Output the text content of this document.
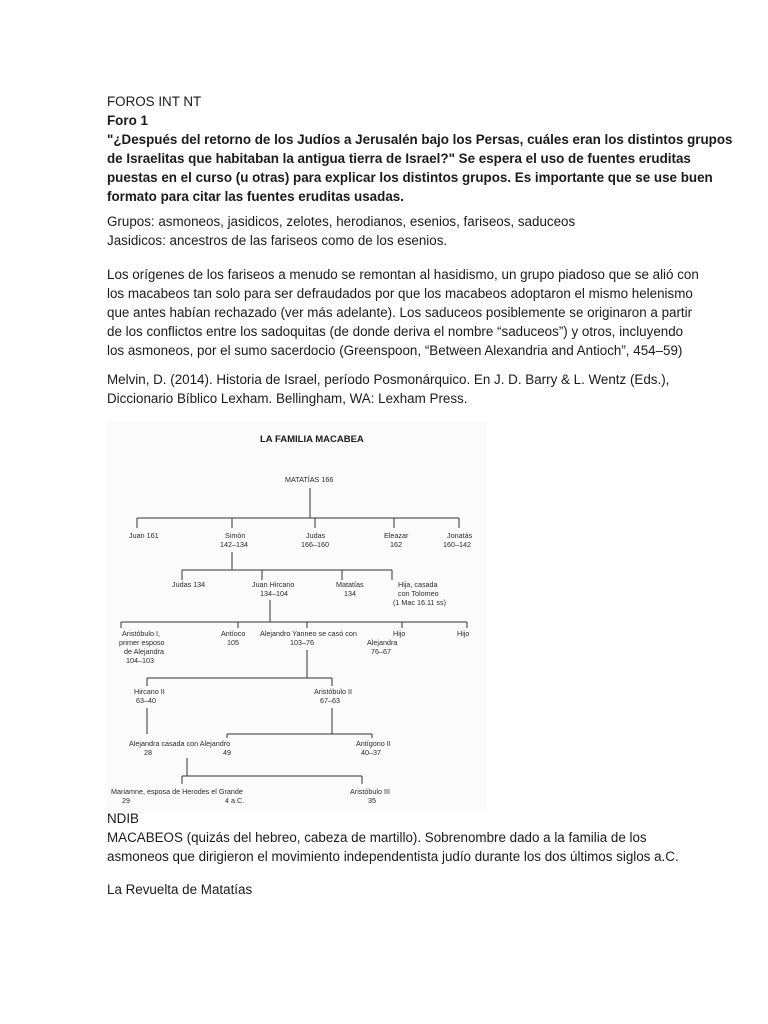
FOROS INT NT
Foro 1
"¿Después del retorno de los Judíos a Jerusalén bajo los Persas, cuáles eran los distintos grupos
de Israelitas que habitaban la antigua tierra de Israel?" Se espera el uso de fuentes eruditas
puestas en el curso (u otras) para explicar los distintos grupos. Es importante que se use buen
formato para citar las fuentes eruditas usadas.
Grupos: asmoneos, jasidicos, zelotes, herodianos, esenios, fariseos, saduceos
Jasidicos: ancestros de las fariseos como de los esenios.
Los orígenes de los fariseos a menudo se remontan al hasidismo, un grupo piadoso que se alió con
los macabeos tan solo para ser defraudados por que los macabeos adoptaron el mismo helenismo
que antes habían rechazado (ver más adelante). Los saduceos posiblemente se originaron a partir
de los conflictos entre los sadoquitas (de donde deriva el nombre “saduceos”) y otros, incluyendo
los asmoneos, por el sumo sacerdocio (Greenspoon, “Between Alexandria and Antioch”, 454–59)
Melvin, D. (2014). Historia de Israel, período Posmonárquico. En J. D. Barry & L. Wentz (Eds.),
Diccionario Bíblico Lexham. Bellingham, WA: Lexham Press.
LA FAMILIA MACABEA
MATATÍAS 166
Juan 161	Simón
142–134
Judas
166–160
Eleazar
162
Jonatás
160–142
Judas 134	Juan Hircano
134–104
Matatías
134
Hija, casada
con Tolomeo
(1 Mac 16.11 ss)
Aristóbulo I,
primer esposo
de Alejandra
104–103
Antíoco
105
Alejandro Yanneo se casó con
103–76	Alejandra
76–67
Hijo	Hijo
Hircano II
63–40
Aristóbulo II
67–63
Alejandra casada con Alejandro
28	49
Antígono II
40–37
Mariamne, esposa de Herodes el Grande
29	4 a.C.
Aristóbulo III
35
NDIB
MACABEOS (quizás del hebreo, cabeza de martillo). Sobrenombre dado a la familia de los
asmoneos que dirigieron el movimiento independentista judío durante los dos últimos siglos a.C.
La Revuelta de Matatías
